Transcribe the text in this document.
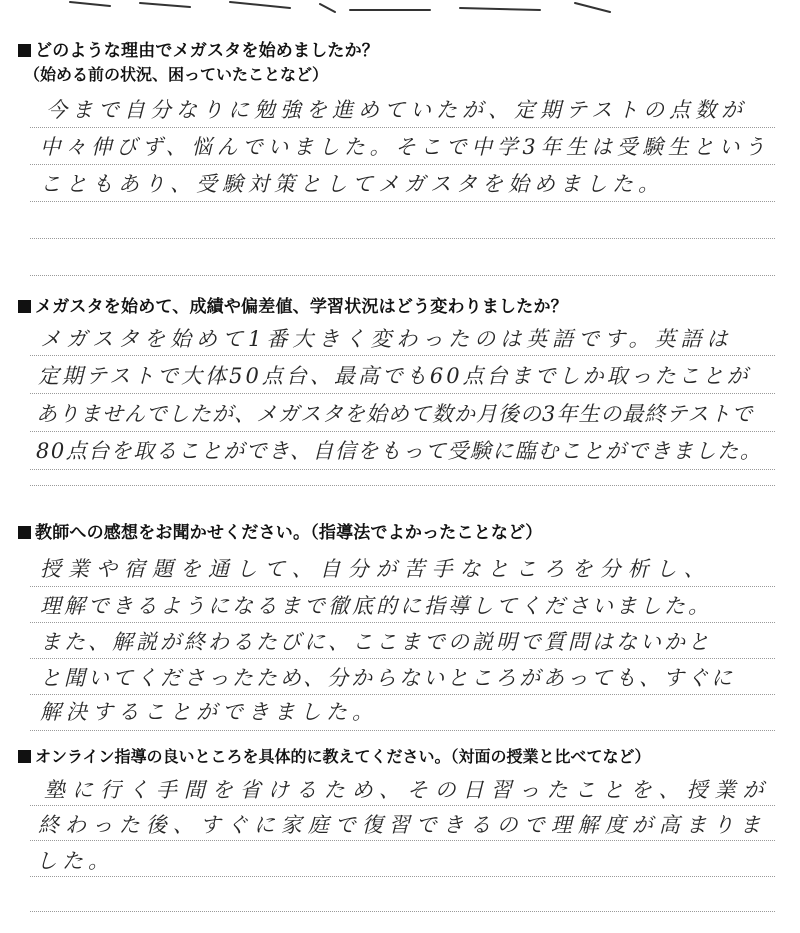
どのような理由でメガスタを始めましたか？
（始める前の状況、困っていたことなど）
今まで自分なりに勉強を進めていたが、定期テストの点数が
中々伸びず、悩んでいました。そこで中学3年生は受験生という
こともあり、受験対策としてメガスタを始めました。
メガスタを始めて、成績や偏差値、学習状況はどう変わりましたか？
メガスタを始めて1番大きく変わったのは英語です。英語は
定期テストで大体50点台、最高でも60点台までしか取ったことが
ありませんでしたが、メガスタを始めて数か月後の3年生の最終テストで
80点台を取ることができ、自信をもって受験に臨むことができました。
教師への感想をお聞かせください。（指導法でよかったことなど）
授業や宿題を通して、自分が苦手なところを分析し、
理解できるようになるまで徹底的に指導してくださいました。
また、解説が終わるたびに、ここまでの説明で質問はないかと
と聞いてくださったため、分からないところがあっても、すぐに
解決することができました。
オンライン指導の良いところを具体的に教えてください。（対面の授業と比べてなど）
塾に行く手間を省けるため、その日習ったことを、授業が
終わった後、すぐに家庭で復習できるので理解度が高まりま
した。
